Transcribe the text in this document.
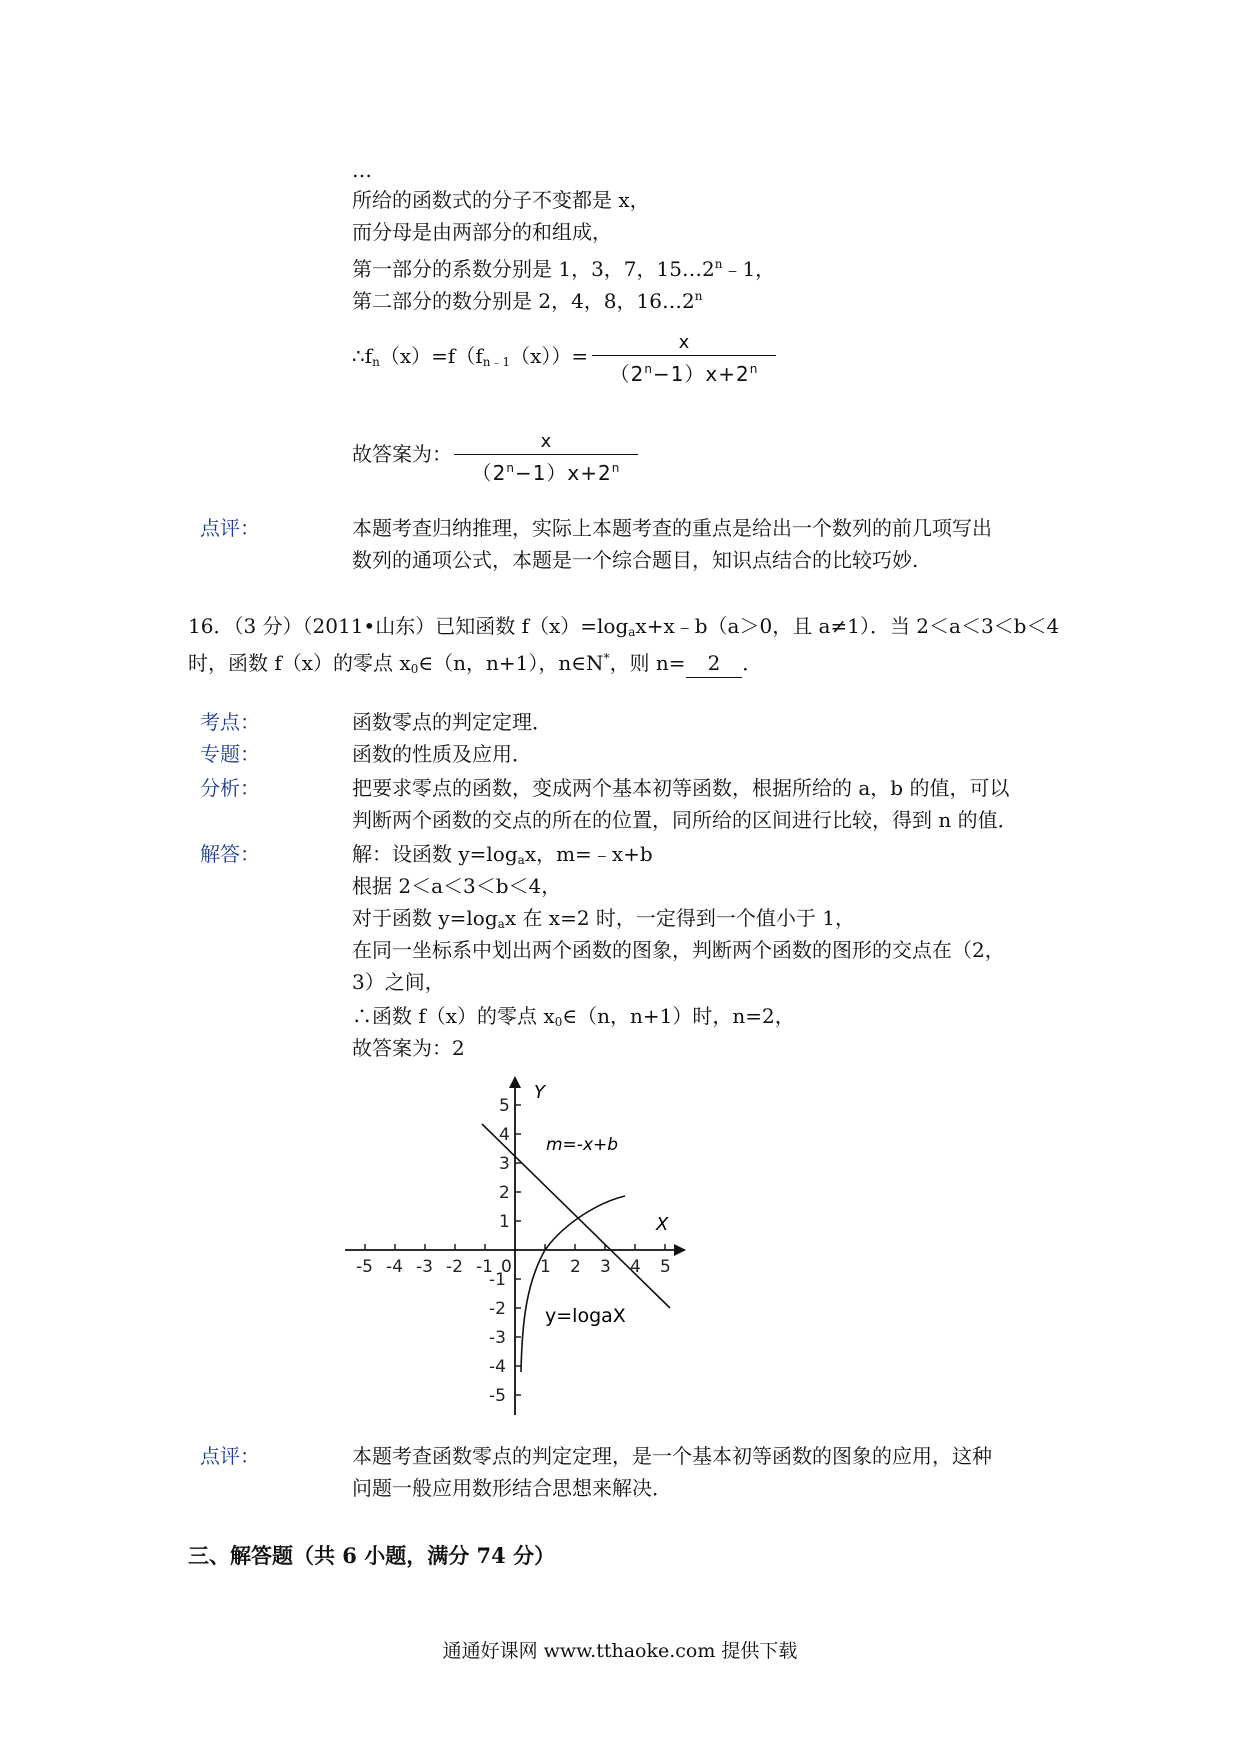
…
所给的函数式的分子不变都是 x，
而分母是由两部分的和组成，
第一部分的系数分别是 1，3，7，15…2$^n$﹣1，
第二部分的数分别是 2，4，8，16…2$^n$
$\therefore f_n(x)=f(f_{n﹣1}(x))=$
x
$(2^n-1)x+2^n$
故答案为：
x
$(2^n-1)x+2^n$
点评：	本题考查归纳推理，实际上本题考查的重点是给出一个数列的前几项写出
数列的通项公式，本题是一个综合题目，知识点结合的比较巧妙.
16．（3 分）（2011•山东）已知函数 $f(x)=\log_ax+x﹣b(a>0$，且 a≠1）．当 2＜a＜3＜b＜4
时，函数 f（x）的零点 $x_0\in(n$，n+1），n∈N*，则 n= 2 ．
考点：	函数零点的判定定理．
专题：	函数的性质及应用．
分析：	把要求零点的函数，变成两个基本初等函数，根据所给的 a，b 的值，可以
判断两个函数的交点的所在的位置，同所给的区间进行比较，得到 n 的值．
解答：	解：设函数 $y=\log_ax$，m=﹣x+b
根据 2＜a＜3＜b＜4，
对于函数 $y=\log_ax$ 在 x=2 时，一定得到一个值小于 1，
在同一坐标系中划出两个函数的图象，判断两个函数的图形的交点在（2，
3）之间，
∴函数 f（x）的零点 $x_0\in(n$，n+1）时，n=2，
故答案为：2
-5 -4 -3 -2 -1 0 1 2 3 4 5
5
4
3
2
1
-1
-2
-3
-4
-5
Y
X
m=-x+b
y=logaX
点评：	本题考查函数零点的判定定理，是一个基本初等函数的图象的应用，这种
问题一般应用数形结合思想来解决．
三、解答题（共 6 小题，满分 74 分）
通通好课网 www.tthaoke.com 提供下载
